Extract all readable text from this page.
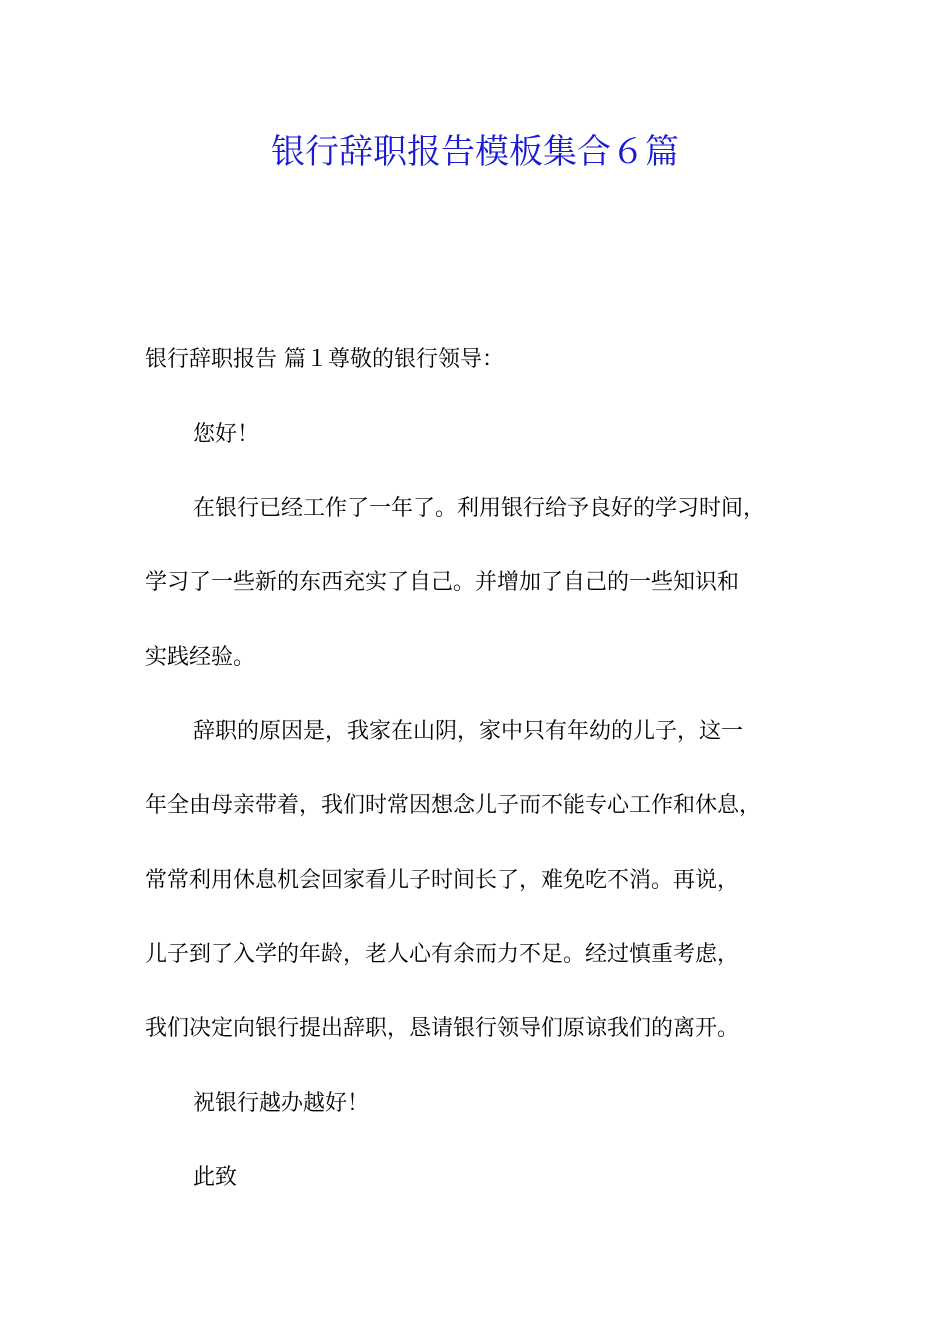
银行辞职报告模板集合６篇

银行辞职报告 篇１尊敬的银行领导：

您好！

在银行已经工作了一年了。利用银行给予良好的学习时间，

学习了一些新的东西充实了自己。并增加了自己的一些知识和

实践经验。

辞职的原因是，我家在山阴，家中只有年幼的儿子，这一

年全由母亲带着，我们时常因想念儿子而不能专心工作和休息，

常常利用休息机会回家看儿子时间长了，难免吃不消。再说，

儿子到了入学的年龄，老人心有余而力不足。经过慎重考虑，

我们决定向银行提出辞职，恳请银行领导们原谅我们的离开。

祝银行越办越好！

此致
